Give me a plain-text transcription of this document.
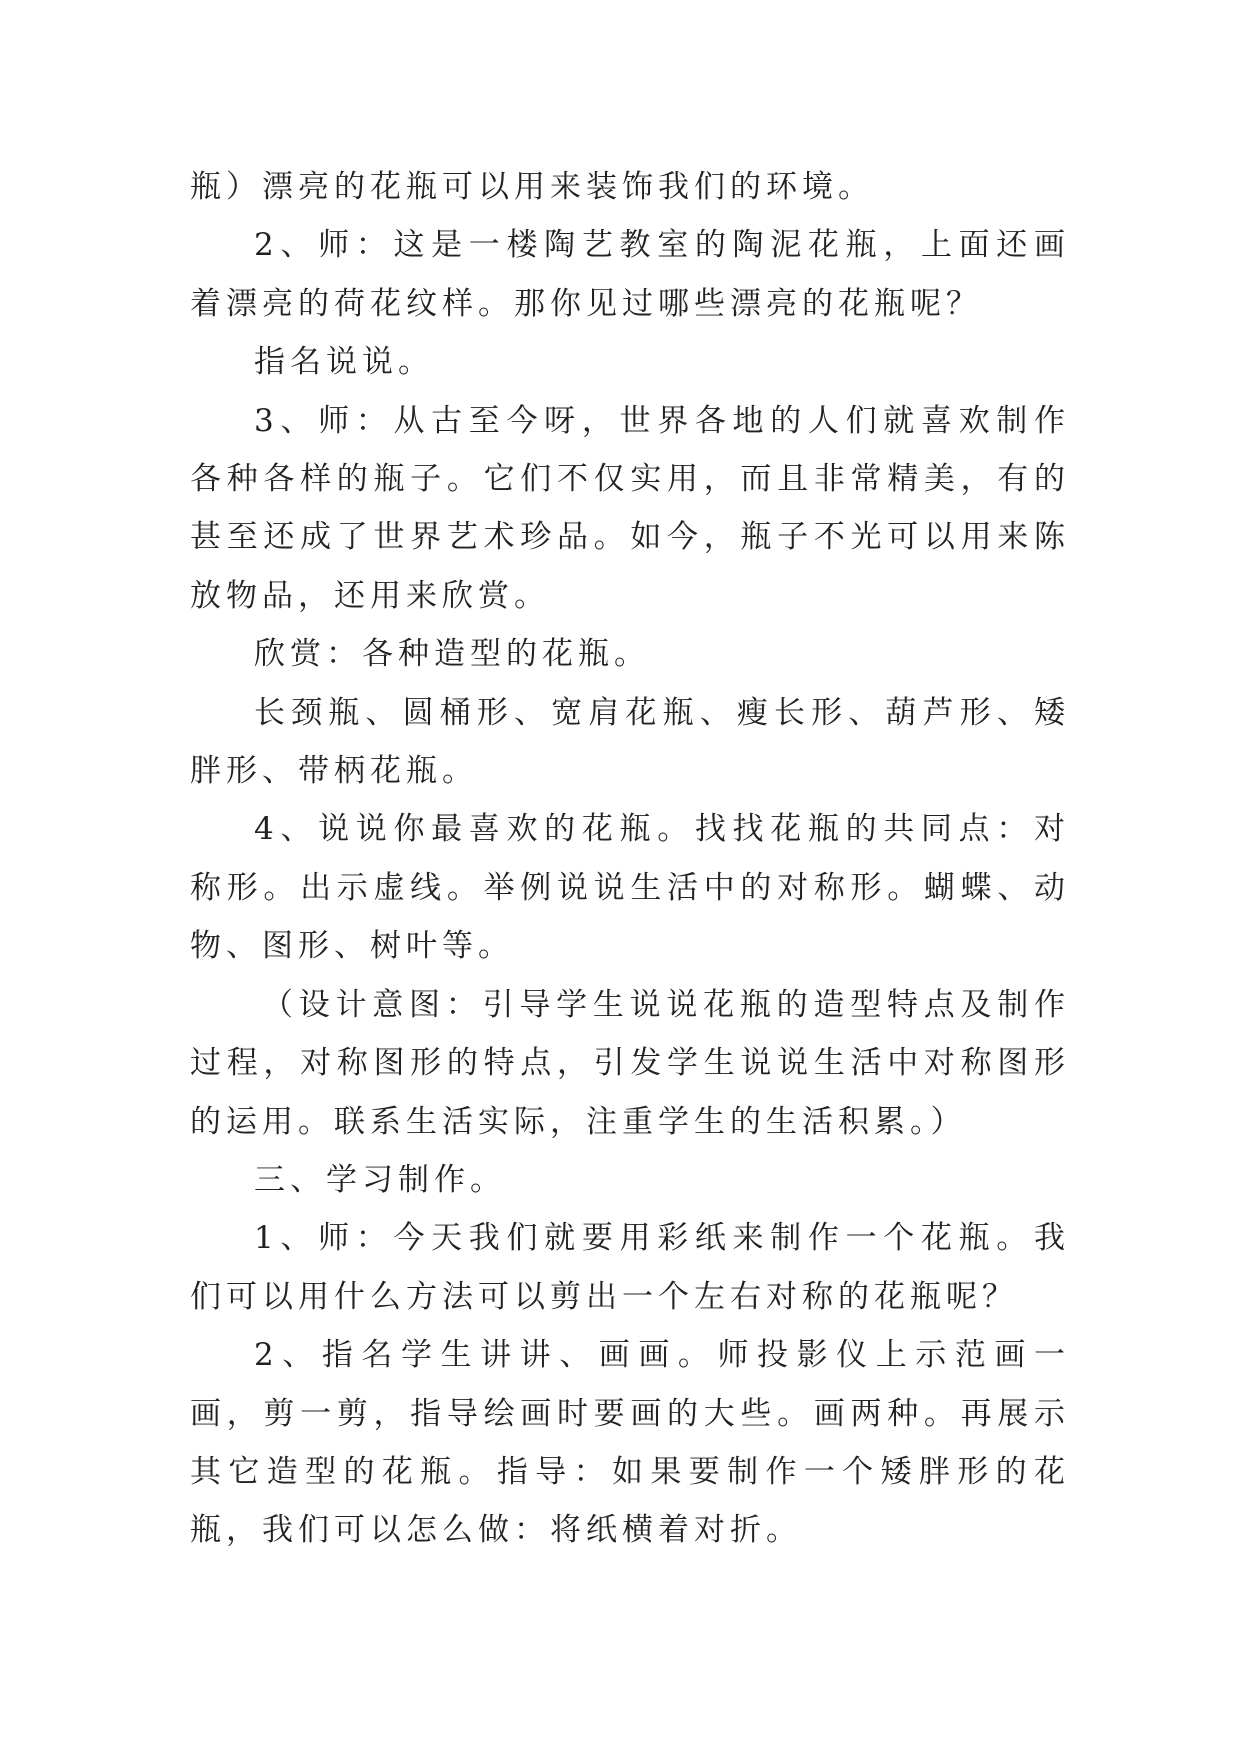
瓶）漂亮的花瓶可以用来装饰我们的环境。

2、师：这是一楼陶艺教室的陶泥花瓶，上面还画着漂亮的荷花纹样。那你见过哪些漂亮的花瓶呢？

指名说说。

3、师：从古至今呀，世界各地的人们就喜欢制作各种各样的瓶子。它们不仅实用，而且非常精美，有的甚至还成了世界艺术珍品。如今，瓶子不光可以用来陈放物品，还用来欣赏。

欣赏：各种造型的花瓶。

长颈瓶、圆桶形、宽肩花瓶、瘦长形、葫芦形、矮胖形、带柄花瓶。

4、说说你最喜欢的花瓶。找找花瓶的共同点：对称形。出示虚线。举例说说生活中的对称形。蝴蝶、动物、图形、树叶等。

（设计意图：引导学生说说花瓶的造型特点及制作过程，对称图形的特点，引发学生说说生活中对称图形的运用。联系生活实际，注重学生的生活积累。）

三、学习制作。

1、师：今天我们就要用彩纸来制作一个花瓶。我们可以用什么方法可以剪出一个左右对称的花瓶呢？

2、指名学生讲讲、画画。师投影仪上示范画一画，剪一剪，指导绘画时要画的大些。画两种。再展示其它造型的花瓶。指导：如果要制作一个矮胖形的花瓶，我们可以怎么做：将纸横着对折。
